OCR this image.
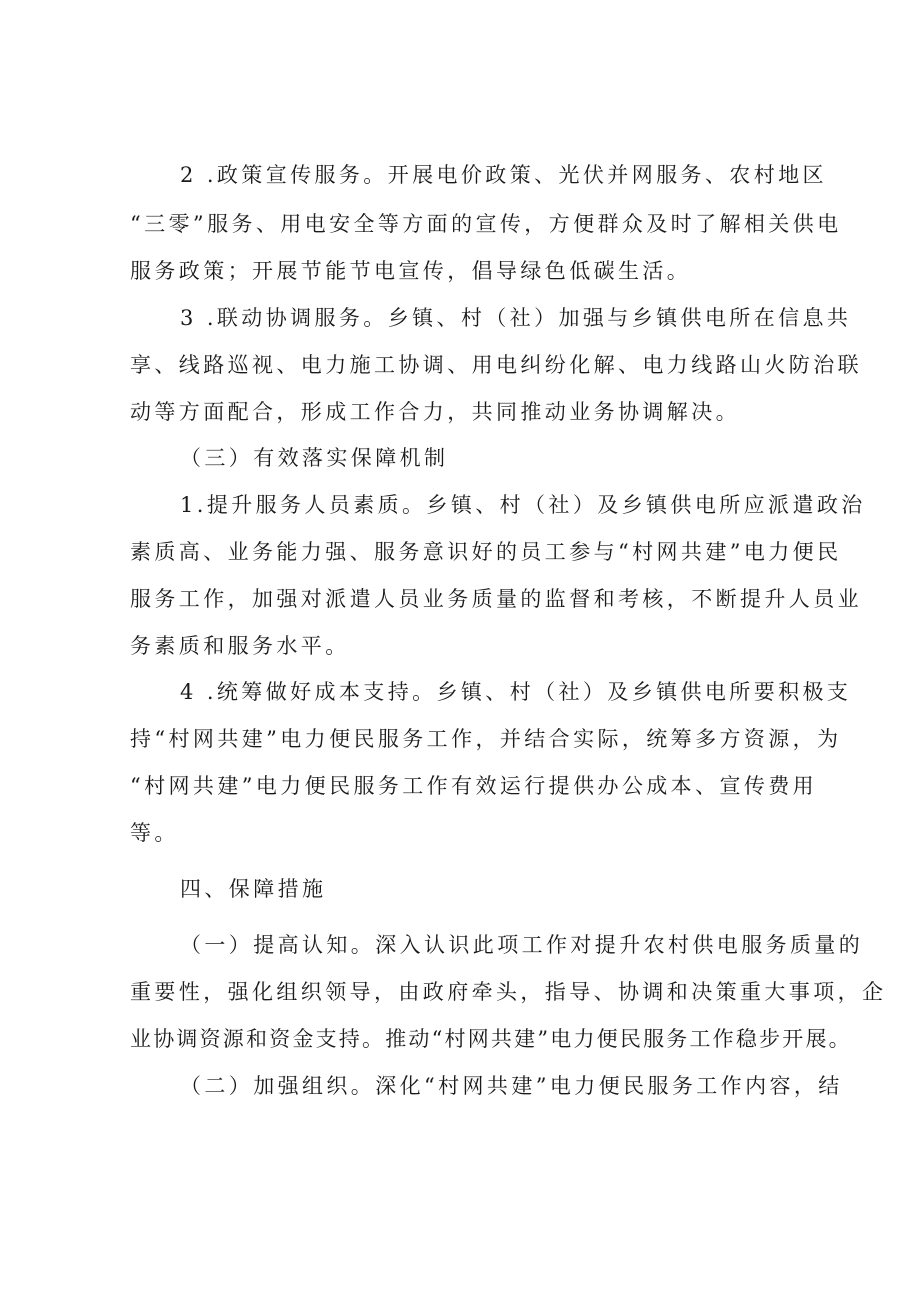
2 .政策宣传服务。开展电价政策、光伏并网服务、农村地区
“三零”服务、用电安全等方面的宣传，方便群众及时了解相关供电
服务政策；开展节能节电宣传，倡导绿色低碳生活。
3 .联动协调服务。乡镇、村（社）加强与乡镇供电所在信息共
享、线路巡视、电力施工协调、用电纠纷化解、电力线路山火防治联
动等方面配合，形成工作合力，共同推动业务协调解决。
（三）有效落实保障机制
1.提升服务人员素质。乡镇、村（社）及乡镇供电所应派遣政治
素质高、业务能力强、服务意识好的员工参与“村网共建”电力便民
服务工作，加强对派遣人员业务质量的监督和考核，不断提升人员业
务素质和服务水平。
4 .统筹做好成本支持。乡镇、村（社）及乡镇供电所要积极支
持“村网共建”电力便民服务工作，并结合实际，统筹多方资源，为
“村网共建”电力便民服务工作有效运行提供办公成本、宣传费用
等。
四、保障措施
（一）提高认知。深入认识此项工作对提升农村供电服务质量的
重要性，强化组织领导，由政府牵头，指导、协调和决策重大事项，企
业协调资源和资金支持。推动“村网共建”电力便民服务工作稳步开展。
（二）加强组织。深化“村网共建”电力便民服务工作内容，结
